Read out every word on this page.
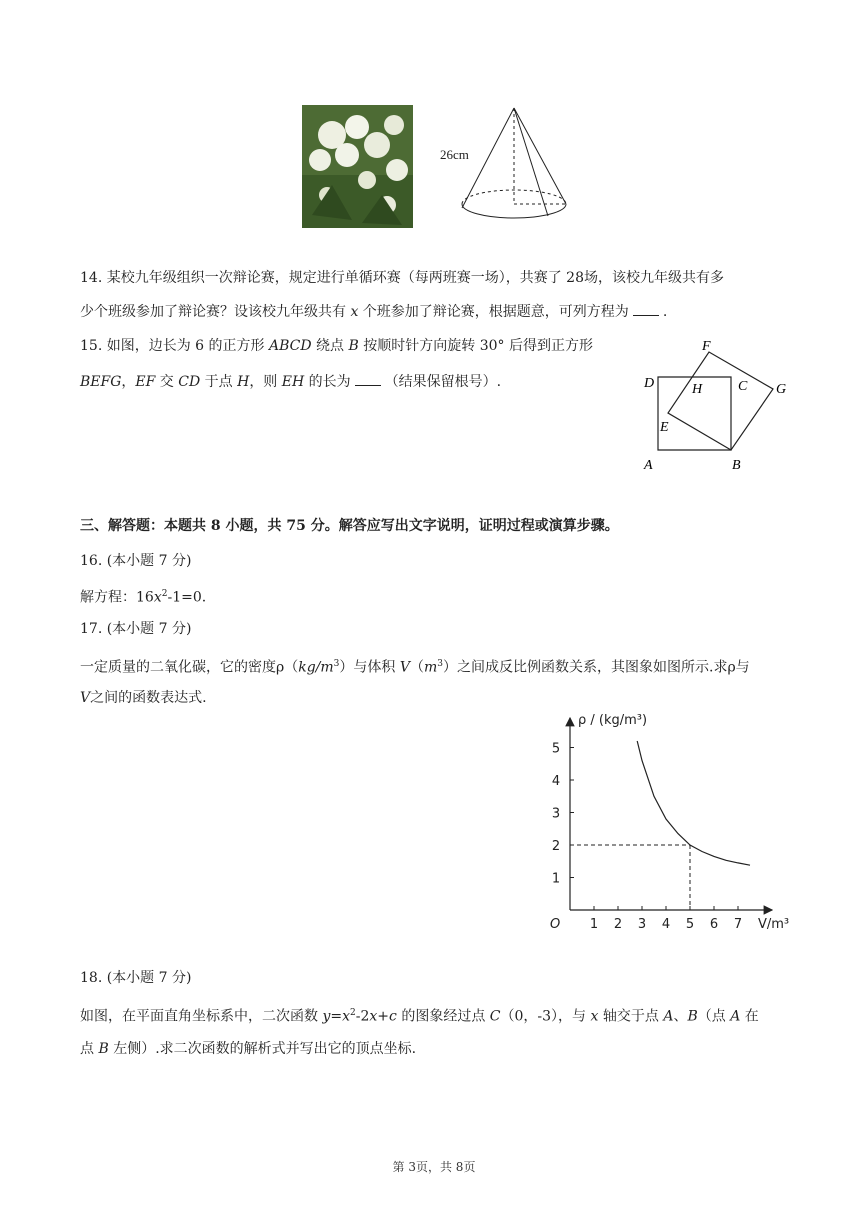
26cm
14. 某校九年级组织一次辩论赛，规定进行单循环赛（每两班赛一场），共赛了 28场，该校九年级共有多
少个班级参加了辩论赛？设该校九年级共有 x 个班参加了辩论赛，根据题意，可列方程为 .
15. 如图，边长为 6 的正方形 ABCD 绕点 B 按顺时针方向旋转 30° 后得到正方形
BEFG，EF 交 CD 于点 H，则 EH 的长为 （结果保留根号）.
A	B
C
D
E
F
G
H
三、解答题：本题共 8 小题，共 75 分。解答应写出文字说明，证明过程或演算步骤。
16. (本小题 7 分)
解方程：$16x^2-1=0$.
17. (本小题 7 分)
一定质量的二氧化碳，它的密度$\rho(kg/m^3)$与体积 $V(m^3)$之间成反比例函数关系，其图象如图所示.求ρ与
V之间的函数表达式.
1 2 3 4 5 6 7
1
2
3
4
5
O
ρ / (kg/m³)
V/m³
18. (本小题 7 分)
如图，在平面直角坐标系中，二次函数 $y=x^2-2x+c$ 的图象经过点 C（0，-3），与 x 轴交于点 A、B（点 A 在
点 B 左侧）.求二次函数的解析式并写出它的顶点坐标.
第 3页，共 8页
